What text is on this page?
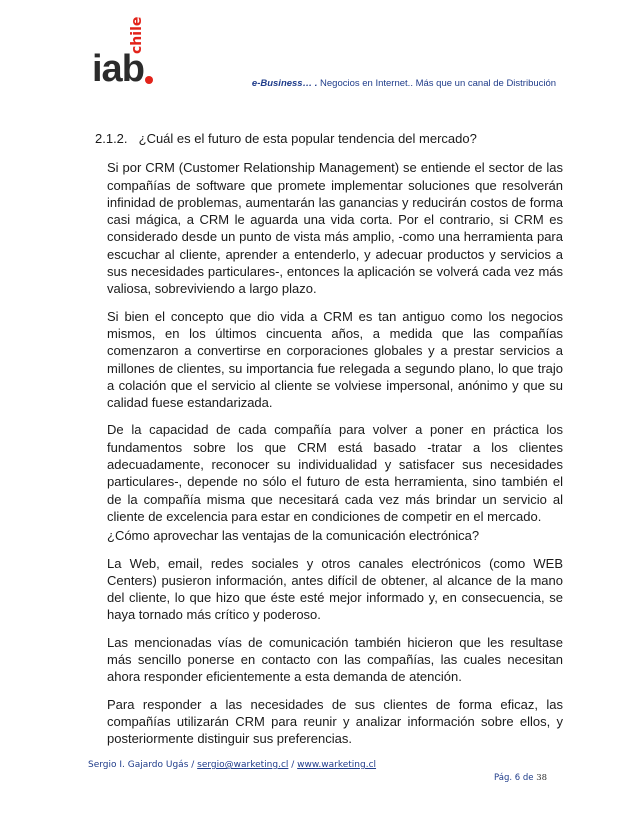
iab
chile
e-Business… . Negocios en Internet.. Más que un canal de Distribución
2.1.2. ¿Cuál es el futuro de esta popular tendencia del mercado?

Si por CRM (Customer Relationship Management) se entiende el sector de las compañías de software que promete implementar soluciones que resolverán infinidad de problemas, aumentarán las ganancias y reducirán costos de forma casi mágica, a CRM le aguarda una vida corta. Por el contrario, si CRM es considerado desde un punto de vista más amplio, -como una herramienta para escuchar al cliente, aprender a entenderlo, y adecuar productos y servicios a sus necesidades particulares-, entonces la aplicación se volverá cada vez más valiosa, sobreviviendo a largo plazo.

Si bien el concepto que dio vida a CRM es tan antiguo como los negocios mismos, en los últimos cincuenta años, a medida que las compañías comenzaron a convertirse en corporaciones globales y a prestar servicios a millones de clientes, su importancia fue relegada a segundo plano, lo que trajo a colación que el servicio al cliente se volviese impersonal, anónimo y que su calidad fuese estandarizada.

De la capacidad de cada compañía para volver a poner en práctica los fundamentos sobre los que CRM está basado -tratar a los clientes adecuadamente, reconocer su individualidad y satisfacer sus necesidades particulares-, depende no sólo el futuro de esta herramienta, sino también el de la compañía misma que necesitará cada vez más brindar un servicio al cliente de excelencia para estar en condiciones de competir en el mercado.

¿Cómo aprovechar las ventajas de la comunicación electrónica?

La Web, email, redes sociales y otros canales electrónicos (como WEB Centers) pusieron información, antes difícil de obtener, al alcance de la mano del cliente, lo que hizo que éste esté mejor informado y, en consecuencia, se haya tornado más crítico y poderoso.

Las mencionadas vías de comunicación también hicieron que les resultase más sencillo ponerse en contacto con las compañías, las cuales necesitan ahora responder eficientemente a esta demanda de atención.

Para responder a las necesidades de sus clientes de forma eficaz, las compañías utilizarán CRM para reunir y analizar información sobre ellos, y posteriormente distinguir sus preferencias.

Sergio I. Gajardo Ugás / sergio@warketing.cl / www.warketing.cl
Pág. 6 de 38
